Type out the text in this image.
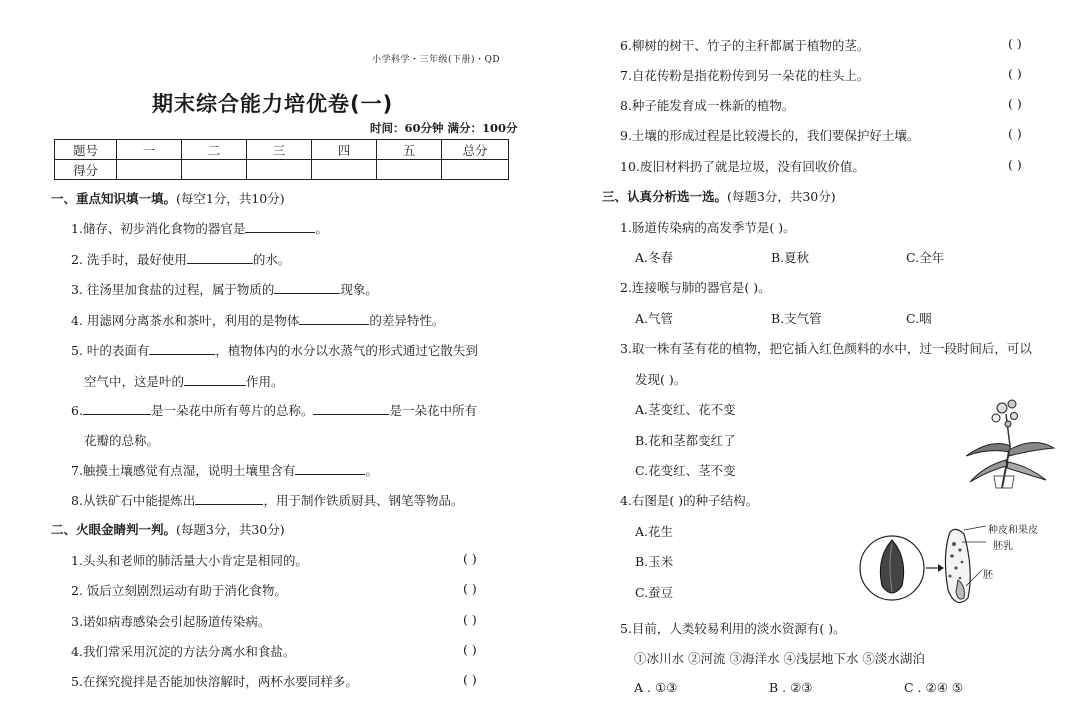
小学科学・三年级(下册)・QD
期末综合能力培优卷(一)
时间：60分钟 满分：100分
题号	一	二	三	四	五	总分
得分						
一、重点知识填一填。(每空1分，共10分)
1.储存、初步消化食物的器官是	。
2. 洗手时，最好使用	的水。
3. 往汤里加食盐的过程，属于物质的	现象。
4. 用滤网分离茶水和茶叶，利用的是物体	的差异特性。
5. 叶的表面有	，植物体内的水分以水蒸气的形式通过它散失到
空气中，这是叶的	作用。
6.	是一朵花中所有萼片的总称。	是一朵花中所有
花瓣的总称。
7.触摸土壤感觉有点湿，说明土壤里含有	。
8.从铁矿石中能提炼出	，用于制作铁质厨具、钢笔等物品。
二、火眼金睛判一判。(每题3分，共30分)
1.头头和老师的肺活量大小肯定是相同的。	( )
2. 饭后立刻剧烈运动有助于消化食物。	( )
3.诺如病毒感染会引起肠道传染病。	( )
4.我们常采用沉淀的方法分离水和食盐。	( )
5.在探究搅拌是否能加快溶解时，两杯水要同样多。	( )
6.柳树的树干、竹子的主秆都属于植物的茎。	( )
7.自花传粉是指花粉传到另一朵花的柱头上。	( )
8.种子能发育成一株新的植物。	( )
9.土壤的形成过程是比较漫长的，我们要保护好土壤。	( )
10.废旧材料扔了就是垃圾，没有回收价值。	( )
三、认真分析选一选。(每题3分，共30分)
1.肠道传染病的高发季节是( )。
A.冬春	B.夏秋	C.全年
2.连接喉与肺的器官是( )。
A.气管	B.支气管	C.咽
3.取一株有茎有花的植物，把它插入红色颜料的水中，过一段时间后，可以
发现( )。
A.茎变红、花不变
B.花和茎都变红了
C.花变红、茎不变
4.右图是( )的种子结构。
A.花生
B.玉米
C.蚕豆
种皮和果皮
胚乳
胚
5.目前，人类较易利用的淡水资源有( )。
①冰川水 ②河流 ③海洋水 ④浅层地下水 ⑤淡水湖泊
A . ①③	B . ②③	C . ②④ ⑤
